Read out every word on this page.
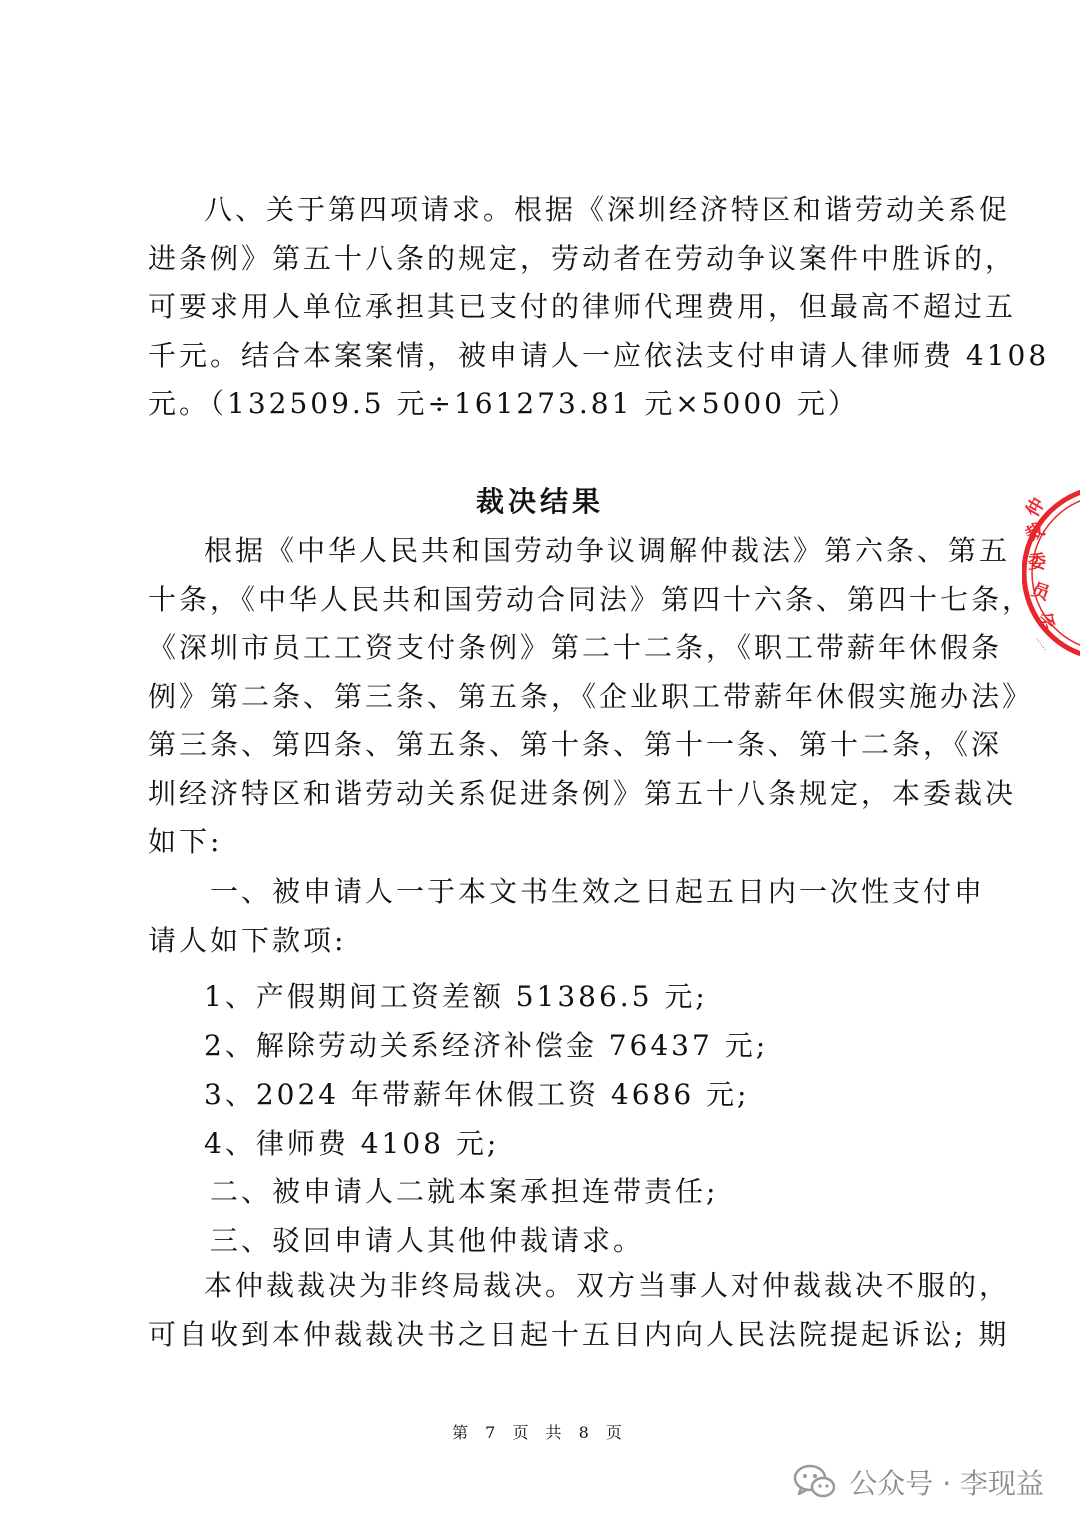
八、关于第四项请求。根据《深圳经济特区和谐劳动关系促
进条例》第五十八条的规定，劳动者在劳动争议案件中胜诉的，
可要求用人单位承担其已支付的律师代理费用，但最高不超过五
千元。结合本案案情，被申请人一应依法支付申请人律师费 4108
元。（132509.5 元÷161273.81 元×5000 元）
裁决结果
根据《中华人民共和国劳动争议调解仲裁法》第六条、第五
十条，《中华人民共和国劳动合同法》第四十六条、第四十七条，
《深圳市员工工资支付条例》第二十二条，《职工带薪年休假条
例》第二条、第三条、第五条，《企业职工带薪年休假实施办法》
第三条、第四条、第五条、第十条、第十一条、第十二条，《深
圳经济特区和谐劳动关系促进条例》第五十八条规定，本委裁决
如下:
一、被申请人一于本文书生效之日起五日内一次性支付申
请人如下款项:
1、产假期间工资差额 51386.5 元;
2、解除劳动关系经济补偿金 76437 元;
3、2024 年带薪年休假工资 4686 元;
4、律师费 4108 元;
二、被申请人二就本案承担连带责任;
三、驳回申请人其他仲裁请求。
本仲裁裁决为非终局裁决。双方当事人对仲裁裁决不服的，
可自收到本仲裁裁决书之日起十五日内向人民法院提起诉讼; 期
第 7 页 共 8 页
公众号 · 李现益
仲
裁
委
员
会
……
